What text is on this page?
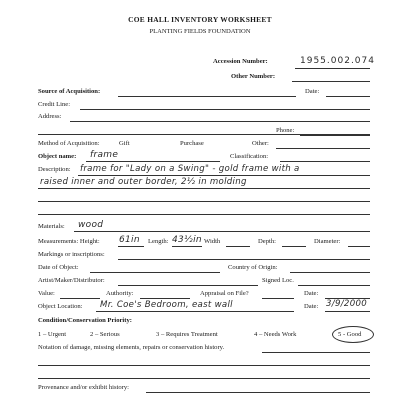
COE HALL INVENTORY WORKSHEET
PLANTING FIELDS FOUNDATION
Accession Number:	1955.002.074
Other Number:
Source of Acquisition:	Date:
Credit Line:
Address:
Phone:
Method of Acquisition:	Gift	Purchase	Other:
Object name: frame	Classification:
Description: frame for "Lady on a Swing" - gold frame with a
raised inner and outer border, 2½ in molding
Materials: wood
Measurements: Height: 61in Length: 43½in Width	Depth:	Diameter:
Markings or inscriptions:
Date of Object:	Country of Origin:
Artist/Maker/Distributor:	Signed Loc.
Value:	Authority:	Appraisal on File?	Date:
Object Location: Mr. Coe's Bedroom, east wall	Date: 3/9/2000
Condition/Conservation Priority:
1 – Urgent	2 – Serious	3 – Requires Treatment	4 – Needs Work	5 - Good
Notation of damage, missing elements, repairs or conservation history.
Provenance and/or exhibit history:
